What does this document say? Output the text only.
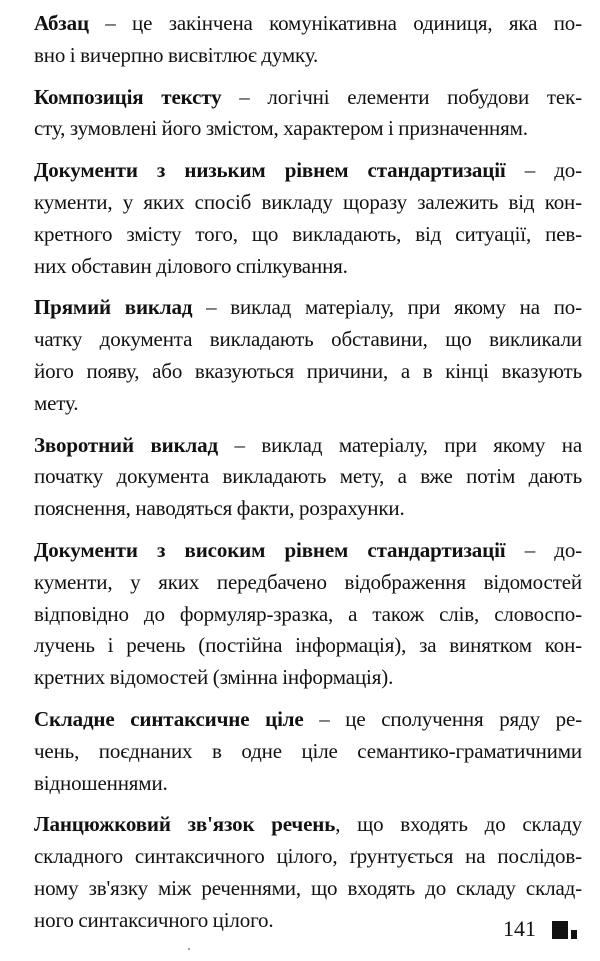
Абзац – це закінчена комунікативна одиниця, яка по-
вно і вичерпно висвітлює думку.

Композиція тексту – логічні елементи побудови тек-
сту, зумовлені його змістом, характером і призначенням.

Документи з низьким рівнем стандартизації – до-
кументи, у яких спосіб викладу щоразу залежить від кон-
кретного змісту того, що викладають, від ситуації, пев-
них обставин ділового спілкування.

Прямий виклад – виклад матеріалу, при якому на по-
чатку документа викладають обставини, що викликали
його появу, або вказуються причини, а в кінці вказують
мету.

Зворотний виклад – виклад матеріалу, при якому на
початку документа викладають мету, а вже потім дають
пояснення, наводяться факти, розрахунки.

Документи з високим рівнем стандартизації – до-
кументи, у яких передбачено відображення відомостей
відповідно до формуляр-зразка, а також слів, словоспо-
лучень і речень (постійна інформація), за винятком кон-
кретних відомостей (змінна інформація).

Складне синтаксичне ціле – це сполучення ряду ре-
чень, поєднаних в одне ціле семантико-граматичними
відношеннями.

Ланцюжковий зв'язок речень, що входять до складу
складного синтаксичного цілого, ґрунтується на послідов-
ному зв'язку між реченнями, що входять до складу склад-
ного синтаксичного цілого.	141
